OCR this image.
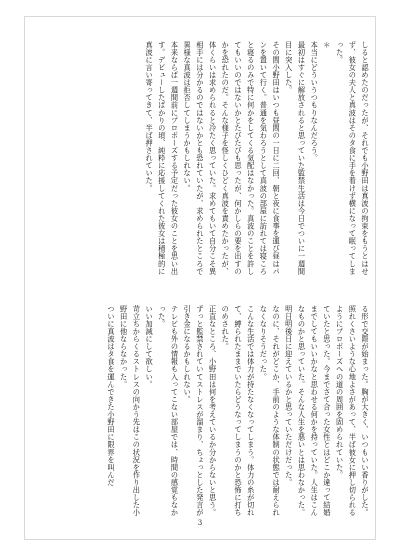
しると認めたのだったが、それでも小野田は真波の拘束をもうとはせず、彼女の夫人と真波はそのタ食に手を着けず横になって眠ってしまった。

＊

本当にどういうつもりなんだろう。

最初はすぐに解放されると思っていた監禁生活は今日でついに一週間目に突入した。

その間小野田はいつも昼間の一日に二回、朝と夜に食事を運び昼はパンを置いて行く。普通を気わろうとして真波の部屋に訪れては寝ころと寝るのみで特に何かをしてくる気配はなかった。真波のことを許してもいいのではないかとたびたびも思ったが、何かしらの要を出すのかを恐れたのだ。そんな様子を怪しくひどく真波を責めたかったが、体くらいは求められると冷たく思っていた。求めてもいて自分こそ異相手には分かるのではないかとも恐れていたが、求められたところで異様な真波は拒否してしまうかもしれない。

本来ならば一週間前にプロポーズする予定だった彼女のことを思い出す。デビューしたばかりの頃、純粋に応援してくれた彼女は積極的に真波に言い寄ってきて、半ば押されていた。

る形で交際が始まった。胸が大きく、いつもいい香りがした。照れくさいような心地よさがあって、半ば彼女に押し切られるようにプロポーズへの道の周囲を固められていた。

ていたと思った。今までさて合った女性とはどこか違って結婚までしてもいいかなと思わせる何かを持っていた。人生はこんなものかと思っていた。そんな人生を悪いとは思わなかった。

明日明後日に迎えているかと思っていただけだった。

なのに、それがどこか、手前のような体制の状態では耐えられなくなりそうだった。

こんな生活では体力が持たなくなってしまう。体力の糸が切れて、縛られたままでいたらどうなってしまうのかと恐怖に打ちのめされた。

正直なところ、小野田は何を考えているか分からないと思う。ずっと監禁されていてストレスが溜まり、ちょっとした発言が引き金になるかもしれない。

テレビも外の情報も入ってこない部屋では、時間の感覚もなかった。

いい加減にして欲しい。

苛立ちからくるストレスの向かう先はこの状況を作り出した小野田に他ならなかった。

ついに真波はタ食を運んできた小野田に限界を叫んだ

3
